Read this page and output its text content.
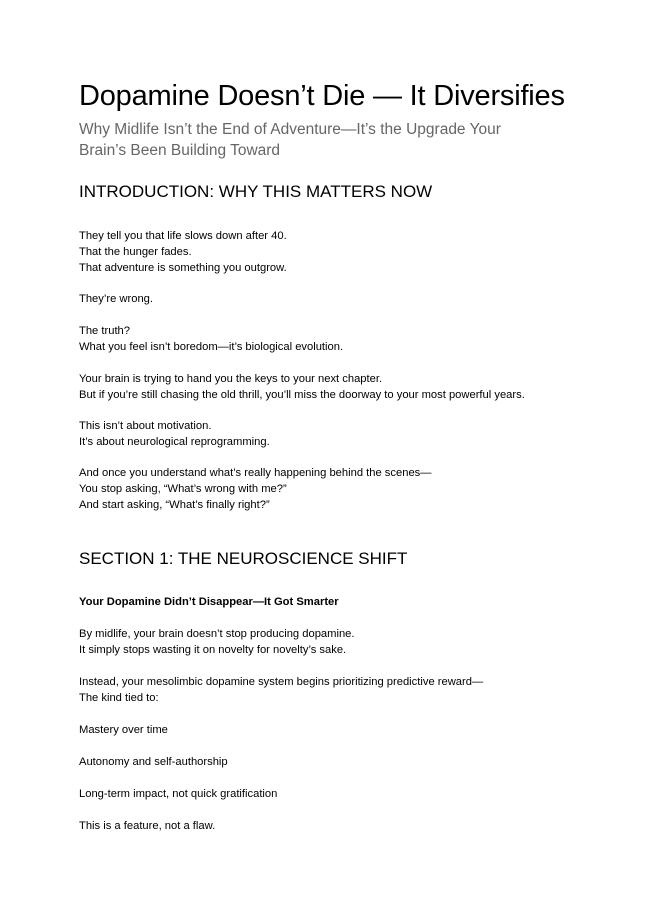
Dopamine Doesn’t Die — It Diversifies

Why Midlife Isn’t the End of Adventure—It’s the Upgrade Your
Brain’s Been Building Toward

INTRODUCTION: WHY THIS MATTERS NOW

They tell you that life slows down after 40.
That the hunger fades.
That adventure is something you outgrow.

They’re wrong.

The truth?
What you feel isn’t boredom—it’s biological evolution.

Your brain is trying to hand you the keys to your next chapter.
But if you’re still chasing the old thrill, you’ll miss the doorway to your most powerful years.

This isn’t about motivation.
It’s about neurological reprogramming.

And once you understand what’s really happening behind the scenes—
You stop asking, “What’s wrong with me?”
And start asking, “What’s finally right?”

SECTION 1: THE NEUROSCIENCE SHIFT

Your Dopamine Didn’t Disappear—It Got Smarter

By midlife, your brain doesn’t stop producing dopamine.
It simply stops wasting it on novelty for novelty’s sake.

Instead, your mesolimbic dopamine system begins prioritizing predictive reward—
The kind tied to:

Mastery over time

Autonomy and self-authorship

Long-term impact, not quick gratification

This is a feature, not a flaw.
